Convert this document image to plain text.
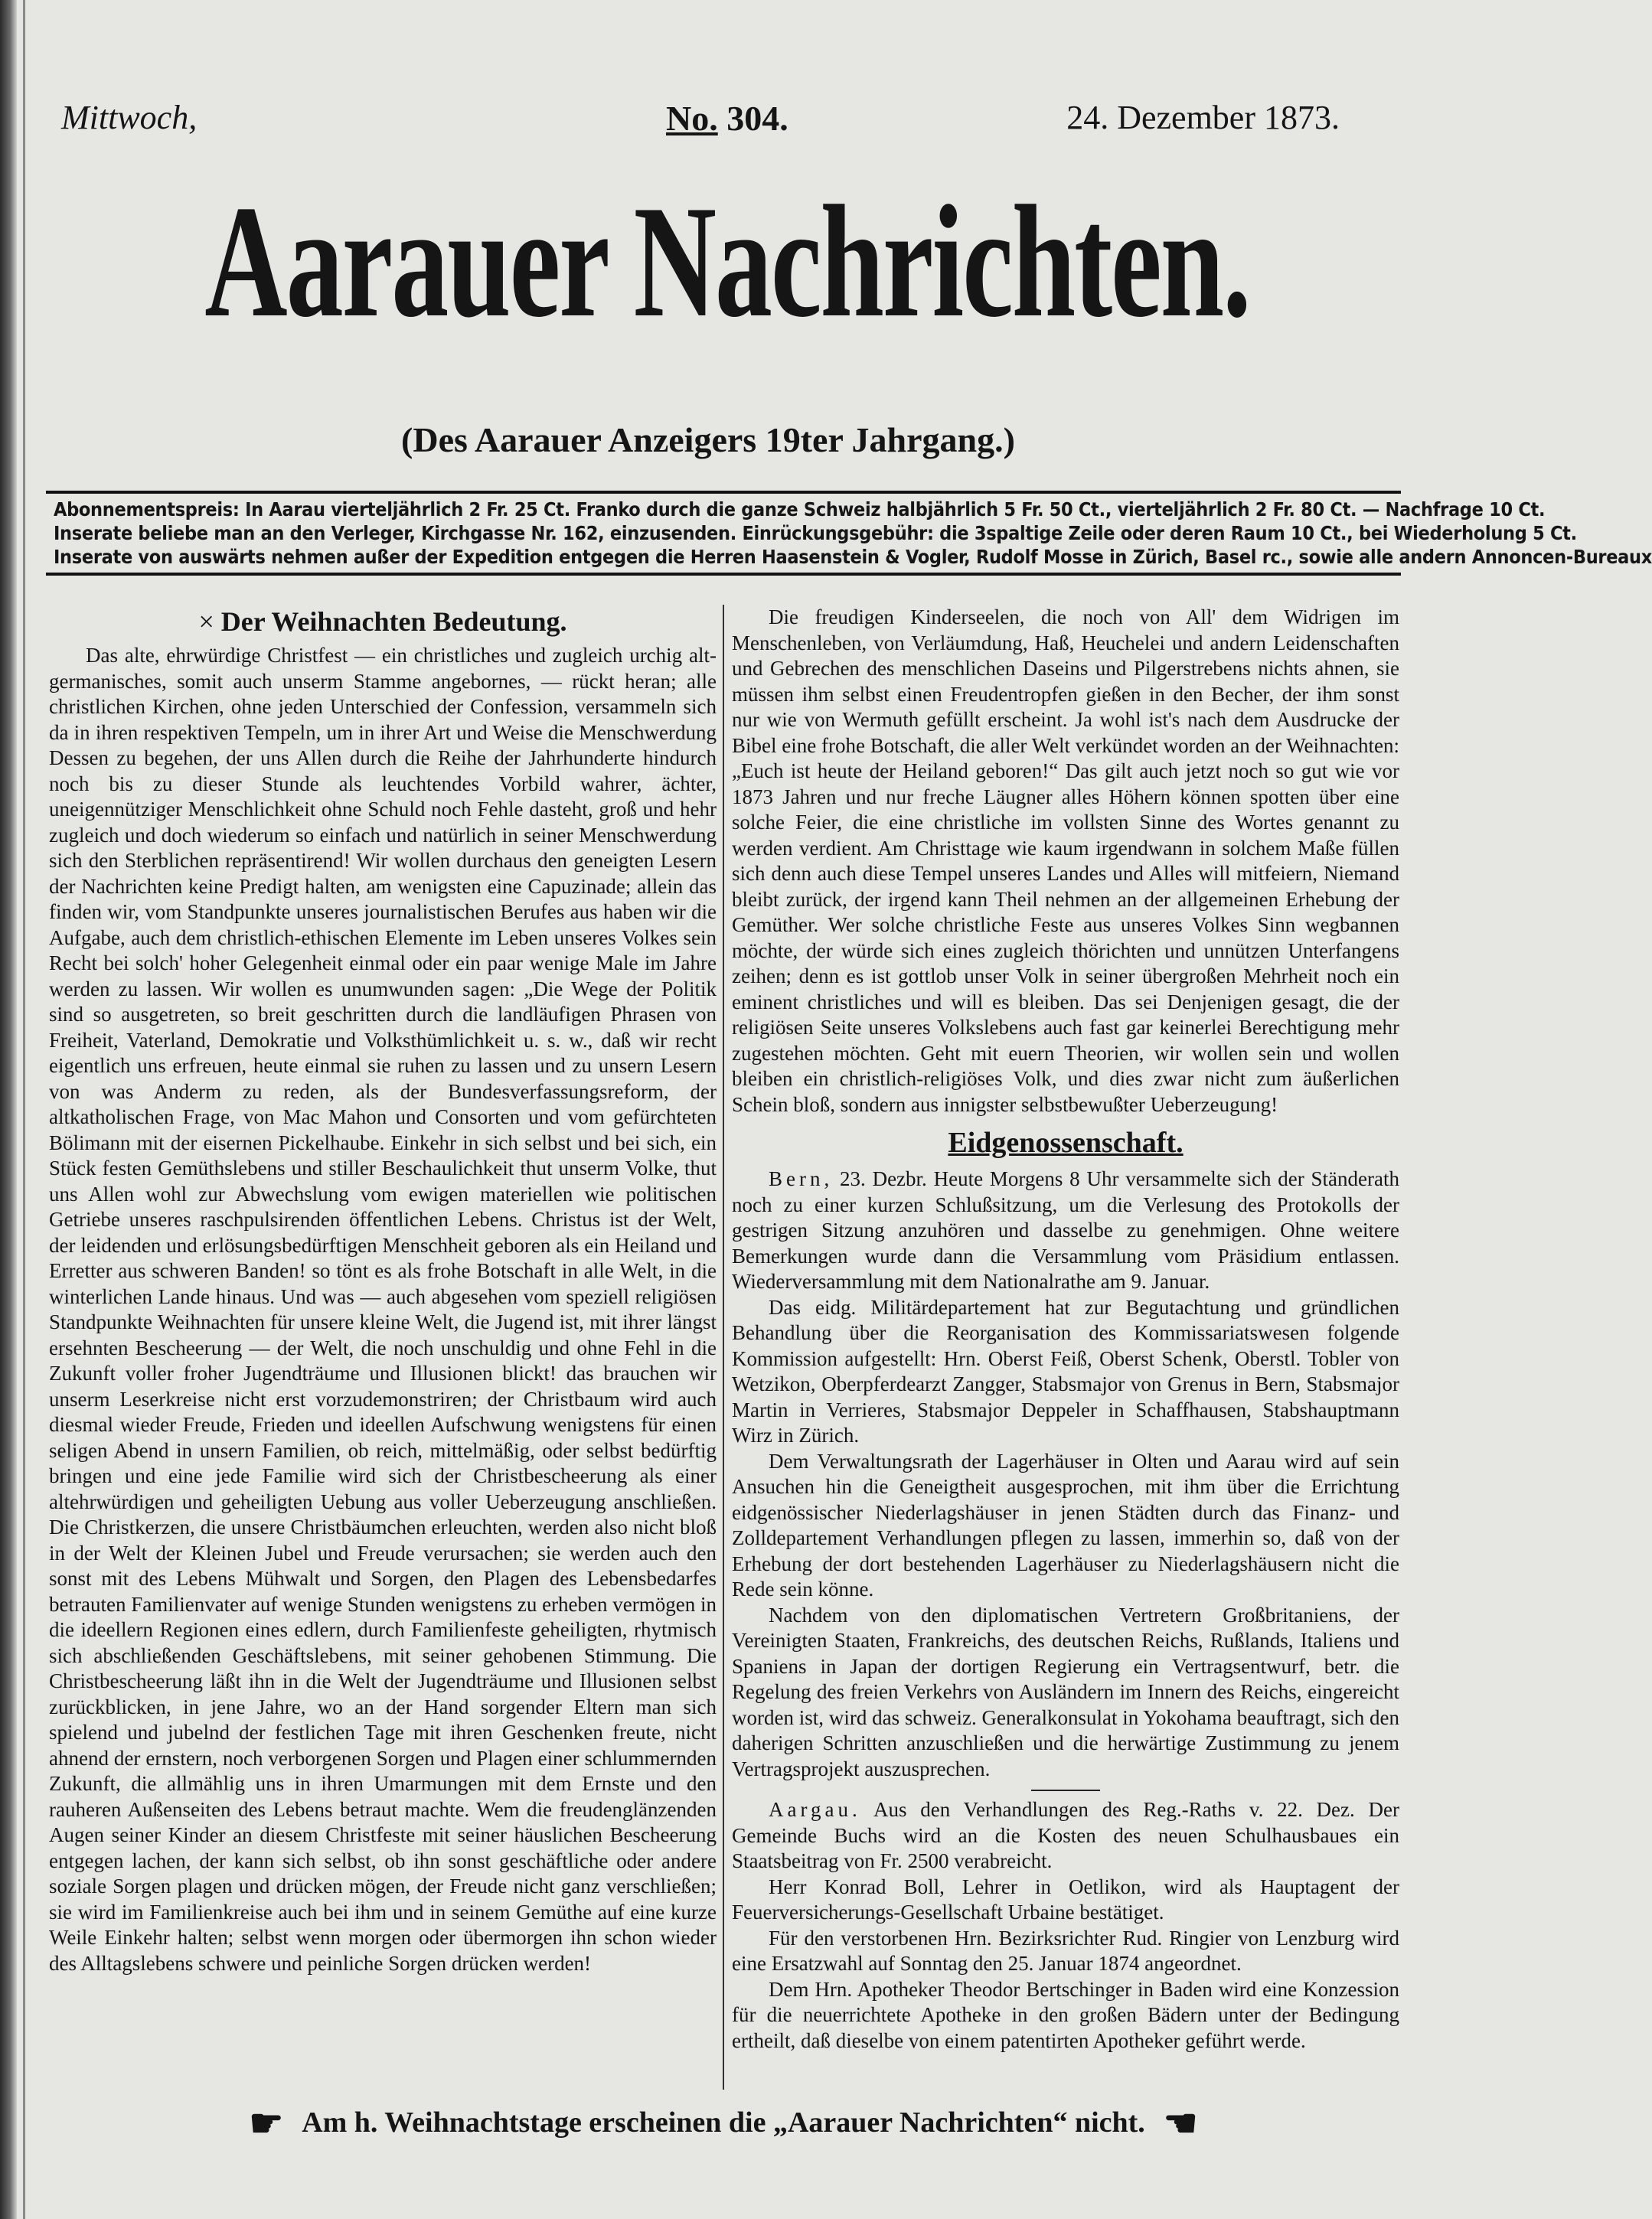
Mittwoch,	No. 304.	24. Dezember 1873.
Aarauer Nachrichten.
(Des Aarauer Anzeigers 19ter Jahrgang.)
Abonnementspreis: In Aarau vierteljährlich 2 Fr. 25 Ct. Franko durch die ganze Schweiz halbjährlich 5 Fr. 50 Ct., vierteljährlich 2 Fr. 80 Ct. — Nachfrage 10 Ct.
Inserate beliebe man an den Verleger, Kirchgasse Nr. 162, einzusenden. Einrückungsgebühr: die 3spaltige Zeile oder deren Raum 10 Ct., bei Wiederholung 5 Ct.
Inserate von auswärts nehmen außer der Expedition entgegen die Herren Haasenstein & Vogler, Rudolf Mosse in Zürich, Basel rc., sowie alle andern Annoncen-Bureaux
× Der Weihnachten Bedeutung.

Das alte, ehrwürdige Christfest — ein christliches und zugleich urchig alt-germanisches, somit auch unserm Stamme angebornes, — rückt heran; alle christlichen Kirchen, ohne jeden Unterschied der Confession, versammeln sich da in ihren respektiven Tempeln, um in ihrer Art und Weise die Menschwerdung Dessen zu begehen, der uns Allen durch die Reihe der Jahrhunderte hindurch noch bis zu dieser Stunde als leuchtendes Vorbild wahrer, ächter, uneigennütziger Menschlichkeit ohne Schuld noch Fehle dasteht, groß und hehr zugleich und doch wiederum so einfach und natürlich in seiner Menschwerdung sich den Sterblichen repräsentirend! Wir wollen durchaus den geneigten Lesern der Nachrichten keine Predigt halten, am wenigsten eine Capuzinade; allein das finden wir, vom Standpunkte unseres journalistischen Berufes aus haben wir die Aufgabe, auch dem christlich-ethischen Elemente im Leben unseres Volkes sein Recht bei solch' hoher Gelegenheit einmal oder ein paar wenige Male im Jahre werden zu lassen. Wir wollen es unumwunden sagen: „Die Wege der Politik sind so ausgetreten, so breit geschritten durch die landläufigen Phrasen von Freiheit, Vaterland, Demokratie und Volksthümlichkeit u. s. w., daß wir recht eigentlich uns erfreuen, heute einmal sie ruhen zu lassen und zu unsern Lesern von was Anderm zu reden, als der Bundesverfassungsreform, der altkatholischen Frage, von Mac Mahon und Consorten und vom gefürchteten Bölimann mit der eisernen Pickelhaube. Einkehr in sich selbst und bei sich, ein Stück festen Gemüthslebens und stiller Beschaulichkeit thut unserm Volke, thut uns Allen wohl zur Abwechslung vom ewigen materiellen wie politischen Getriebe unseres raschpulsirenden öffentlichen Lebens. Christus ist der Welt, der leidenden und erlösungsbedürftigen Menschheit geboren als ein Heiland und Erretter aus schweren Banden! so tönt es als frohe Botschaft in alle Welt, in die winterlichen Lande hinaus. Und was — auch abgesehen vom speziell religiösen Standpunkte Weihnachten für unsere kleine Welt, die Jugend ist, mit ihrer längst ersehnten Bescheerung — der Welt, die noch unschuldig und ohne Fehl in die Zukunft voller froher Jugendträume und Illusionen blickt! das brauchen wir unserm Leserkreise nicht erst vorzudemonstriren; der Christbaum wird auch diesmal wieder Freude, Frieden und ideellen Aufschwung wenigstens für einen seligen Abend in unsern Familien, ob reich, mittelmäßig, oder selbst bedürftig bringen und eine jede Familie wird sich der Christbescheerung als einer altehrwürdigen und geheiligten Uebung aus voller Ueberzeugung anschließen. Die Christkerzen, die unsere Christbäumchen erleuchten, werden also nicht bloß in der Welt der Kleinen Jubel und Freude verursachen; sie werden auch den sonst mit des Lebens Mühwalt und Sorgen, den Plagen des Lebensbedarfes betrauten Familienvater auf wenige Stunden wenigstens zu erheben vermögen in die ideellern Regionen eines edlern, durch Familienfeste geheiligten, rhytmisch sich abschließenden Geschäftslebens, mit seiner gehobenen Stimmung. Die Christbescheerung läßt ihn in die Welt der Jugendträume und Illusionen selbst zurückblicken, in jene Jahre, wo an der Hand sorgender Eltern man sich spielend und jubelnd der festlichen Tage mit ihren Geschenken freute, nicht ahnend der ernstern, noch verborgenen Sorgen und Plagen einer schlummernden Zukunft, die allmählig uns in ihren Umarmungen mit dem Ernste und den rauheren Außenseiten des Lebens betraut machte. Wem die freudenglänzenden Augen seiner Kinder an diesem Christfeste mit seiner häuslichen Bescheerung entgegen lachen, der kann sich selbst, ob ihn sonst geschäftliche oder andere soziale Sorgen plagen und drücken mögen, der Freude nicht ganz verschließen; sie wird im Familienkreise auch bei ihm und in seinem Gemüthe auf eine kurze Weile Einkehr halten; selbst wenn morgen oder übermorgen ihn schon wieder des Alltagslebens schwere und peinliche Sorgen drücken werden!

Die freudigen Kinderseelen, die noch von All' dem Widrigen im Menschenleben, von Verläumdung, Haß, Heuchelei und andern Leidenschaften und Gebrechen des menschlichen Daseins und Pilgerstrebens nichts ahnen, sie müssen ihm selbst einen Freudentropfen gießen in den Becher, der ihm sonst nur wie von Wermuth gefüllt erscheint. Ja wohl ist's nach dem Ausdrucke der Bibel eine frohe Botschaft, die aller Welt verkündet worden an der Weihnachten: „Euch ist heute der Heiland geboren!“ Das gilt auch jetzt noch so gut wie vor 1873 Jahren und nur freche Läugner alles Höhern können spotten über eine solche Feier, die eine christliche im vollsten Sinne des Wortes genannt zu werden verdient. Am Christtage wie kaum irgendwann in solchem Maße füllen sich denn auch diese Tempel unseres Landes und Alles will mitfeiern, Niemand bleibt zurück, der irgend kann Theil nehmen an der allgemeinen Erhebung der Gemüther. Wer solche christliche Feste aus unseres Volkes Sinn wegbannen möchte, der würde sich eines zugleich thörichten und unnützen Unterfangens zeihen; denn es ist gottlob unser Volk in seiner übergroßen Mehrheit noch ein eminent christliches und will es bleiben. Das sei Denjenigen gesagt, die der religiösen Seite unseres Volkslebens auch fast gar keinerlei Berechtigung mehr zugestehen möchten. Geht mit euern Theorien, wir wollen sein und wollen bleiben ein christlich-religiöses Volk, und dies zwar nicht zum äußerlichen Schein bloß, sondern aus innigster selbstbewußter Ueberzeugung!

Eidgenossenschaft.

Bern, 23. Dezbr. Heute Morgens 8 Uhr versammelte sich der Ständerath noch zu einer kurzen Schlußsitzung, um die Verlesung des Protokolls der gestrigen Sitzung anzuhören und dasselbe zu genehmigen. Ohne weitere Bemerkungen wurde dann die Versammlung vom Präsidium entlassen. Wiederversammlung mit dem Nationalrathe am 9. Januar.

Das eidg. Militärdepartement hat zur Begutachtung und gründlichen Behandlung über die Reorganisation des Kommissariatswesen folgende Kommission aufgestellt: Hrn. Oberst Feiß, Oberst Schenk, Oberstl. Tobler von Wetzikon, Oberpferdearzt Zangger, Stabsmajor von Grenus in Bern, Stabsmajor Martin in Verrieres, Stabsmajor Deppeler in Schaffhausen, Stabshauptmann Wirz in Zürich.

Dem Verwaltungsrath der Lagerhäuser in Olten und Aarau wird auf sein Ansuchen hin die Geneigtheit ausgesprochen, mit ihm über die Errichtung eidgenössischer Niederlagshäuser in jenen Städten durch das Finanz- und Zolldepartement Verhandlungen pflegen zu lassen, immerhin so, daß von der Erhebung der dort bestehenden Lagerhäuser zu Niederlagshäusern nicht die Rede sein könne.

Nachdem von den diplomatischen Vertretern Großbritaniens, der Vereinigten Staaten, Frankreichs, des deutschen Reichs, Rußlands, Italiens und Spaniens in Japan der dortigen Regierung ein Vertragsentwurf, betr. die Regelung des freien Verkehrs von Ausländern im Innern des Reichs, eingereicht worden ist, wird das schweiz. Generalkonsulat in Yokohama beauftragt, sich den daherigen Schritten anzuschließen und die herwärtige Zustimmung zu jenem Vertragsprojekt auszusprechen.

Aargau. Aus den Verhandlungen des Reg.-Raths v. 22. Dez. Der Gemeinde Buchs wird an die Kosten des neuen Schulhausbaues ein Staatsbeitrag von Fr. 2500 verabreicht.

Herr Konrad Boll, Lehrer in Oetlikon, wird als Hauptagent der Feuerversicherungs-Gesellschaft Urbaine bestätiget.

Für den verstorbenen Hrn. Bezirksrichter Rud. Ringier von Lenzburg wird eine Ersatzwahl auf Sonntag den 25. Januar 1874 angeordnet.

Dem Hrn. Apotheker Theodor Bertschinger in Baden wird eine Konzession für die neuerrichtete Apotheke in den großen Bädern unter der Bedingung ertheilt, daß dieselbe von einem patentirten Apotheker geführt werde.

☛ Am h. Weihnachtstage erscheinen die „Aarauer Nachrichten“ nicht. ☚
